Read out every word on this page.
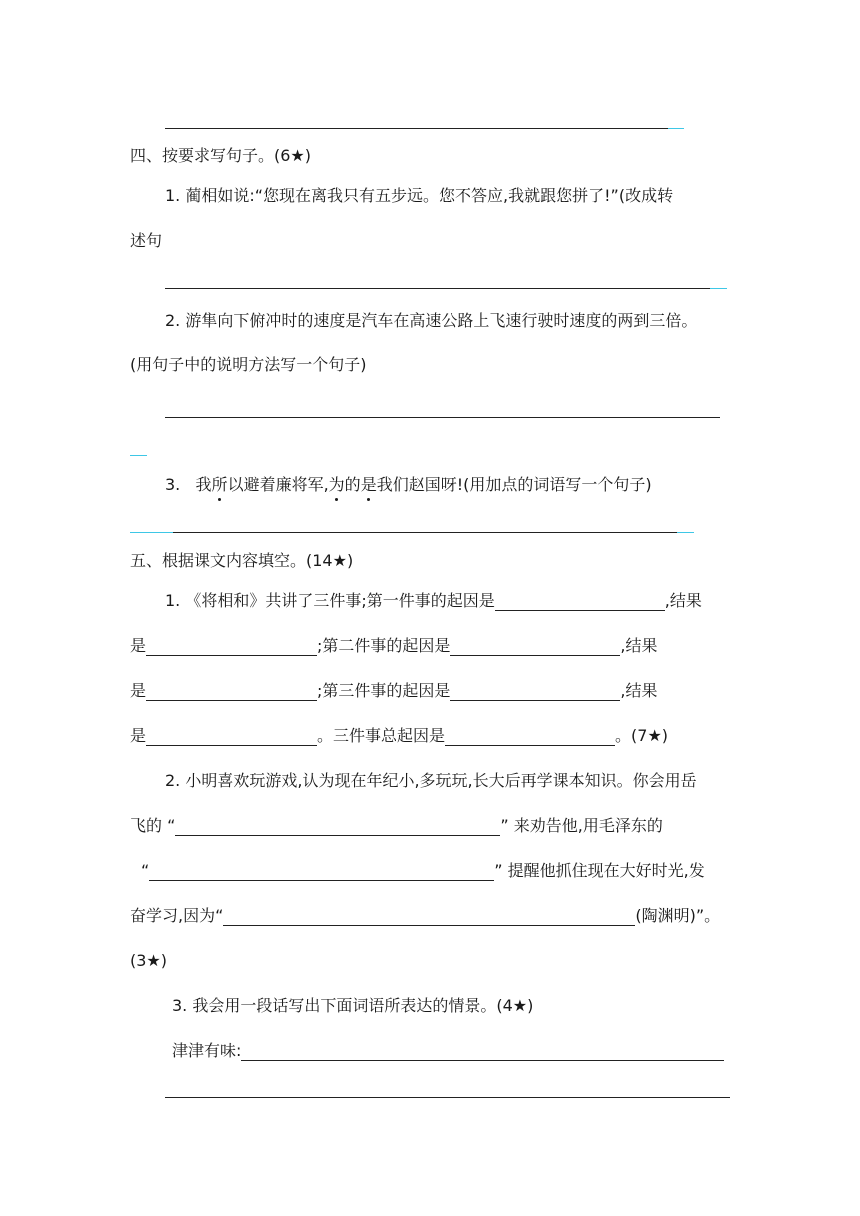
四、按要求写句子。(6★)
1. 蔺相如说:“您现在离我只有五步远。您不答应,我就跟您拼了!”(改成转
述句
2. 游隼向下俯冲时的速度是汽车在高速公路上飞速行驶时速度的两到三倍。
(用句子中的说明方法写一个句子)
3. 我所以避着廉将军,为的是我们赵国呀!(用加点的词语写一个句子)
五、根据课文内容填空。(14★)
1. 《将相和》共讲了三件事;第一件事的起因是	,结果
是	;第二件事的起因是	,结果
是	;第三件事的起因是	,结果
是	。三件事总起因是	。(7★)
2. 小明喜欢玩游戏,认为现在年纪小,多玩玩,长大后再学课本知识。你会用岳
飞的 “	” 来劝告他,用毛泽东的
“	” 提醒他抓住现在大好时光,发
奋学习,因为“	(陶渊明)”。
(3★)
3. 我会用一段话写出下面词语所表达的情景。(4★)
津津有味:
